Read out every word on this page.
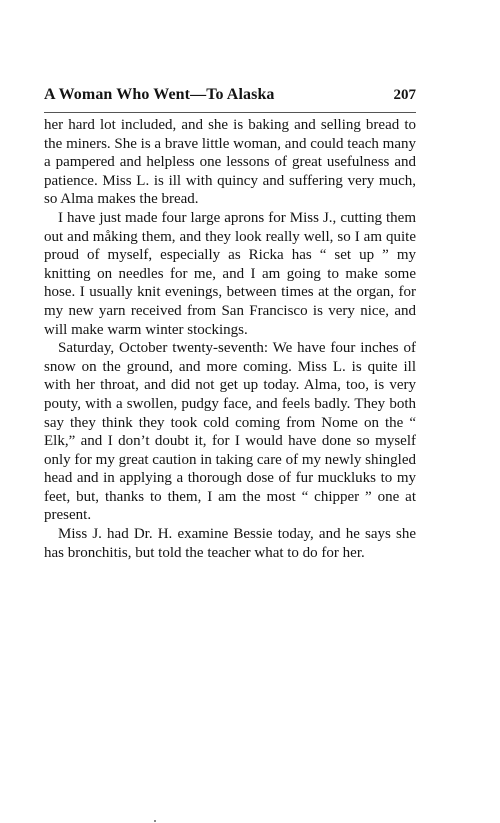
A Woman Who Went—To Alaska	207

her hard lot included, and she is baking and selling bread to the miners. She is a brave little woman, and could teach many a pampered and helpless one lessons of great usefulness and patience. Miss L. is ill with quincy and suffering very much, so Alma makes the bread.

I have just made four large aprons for Miss J., cutting them out and måking them, and they look really well, so I am quite proud of myself, especially as Ricka has “ set up ” my knitting on needles for me, and I am going to make some hose. I usually knit evenings, between times at the organ, for my new yarn received from San Francisco is very nice, and will make warm winter stockings.

Saturday, October twenty-seventh: We have four inches of snow on the ground, and more coming. Miss L. is quite ill with her throat, and did not get up today. Alma, too, is very pouty, with a swollen, pudgy face, and feels badly. They both say they think they took cold coming from Nome on the “ Elk,” and I don’t doubt it, for I would have done so myself only for my great caution in taking care of my newly shingled head and in applying a thorough dose of fur muckluks to my feet, but, thanks to them, I am the most “ chipper ” one at present.

Miss J. had Dr. H. examine Bessie today, and he says she has bronchitis, but told the teacher what to do for her.
